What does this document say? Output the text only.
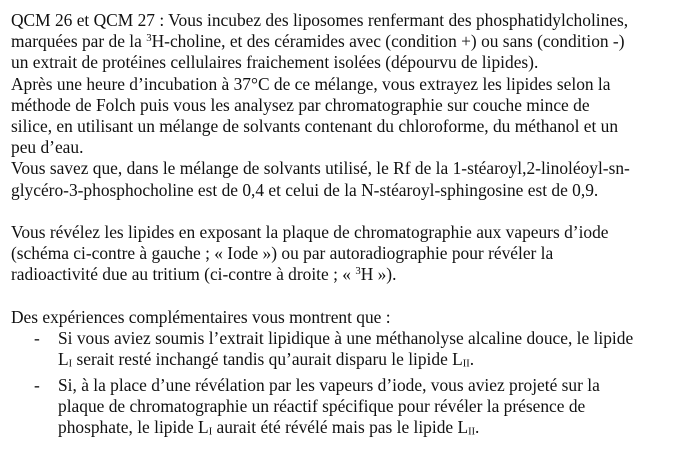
QCM 26 et QCM 27 : Vous incubez des liposomes renfermant des phosphatidylcholines,
marquées par de la $^3$H-choline, et des céramides avec (condition +) ou sans (condition -)
un extrait de protéines cellulaires fraichement isolées (dépourvu de lipides).
Après une heure d’incubation à 37°C de ce mélange, vous extrayez les lipides selon la
méthode de Folch puis vous les analysez par chromatographie sur couche mince de
silice, en utilisant un mélange de solvants contenant du chloroforme, du méthanol et un
peu d’eau.
Vous savez que, dans le mélange de solvants utilisé, le Rf de la 1-stéaroyl,2-linoléoyl-sn-
glycéro-3-phosphocholine est de 0,4 et celui de la N-stéaroyl-sphingosine est de 0,9.
Vous révélez les lipides en exposant la plaque de chromatographie aux vapeurs d’iode
(schéma ci-contre à gauche ; « Iode ») ou par autoradiographie pour révéler la
radioactivité due au tritium (ci-contre à droite ; « $^3$H »).
Des expériences complémentaires vous montrent que :
- Si vous aviez soumis l’extrait lipidique à une méthanolyse alcaline douce, le lipide
LI serait resté inchangé tandis qu’aurait disparu le lipide LII.
- Si, à la place d’une révélation par les vapeurs d’iode, vous aviez projeté sur la
plaque de chromatographie un réactif spécifique pour révéler la présence de
phosphate, le lipide LI aurait été révélé mais pas le lipide LII.
